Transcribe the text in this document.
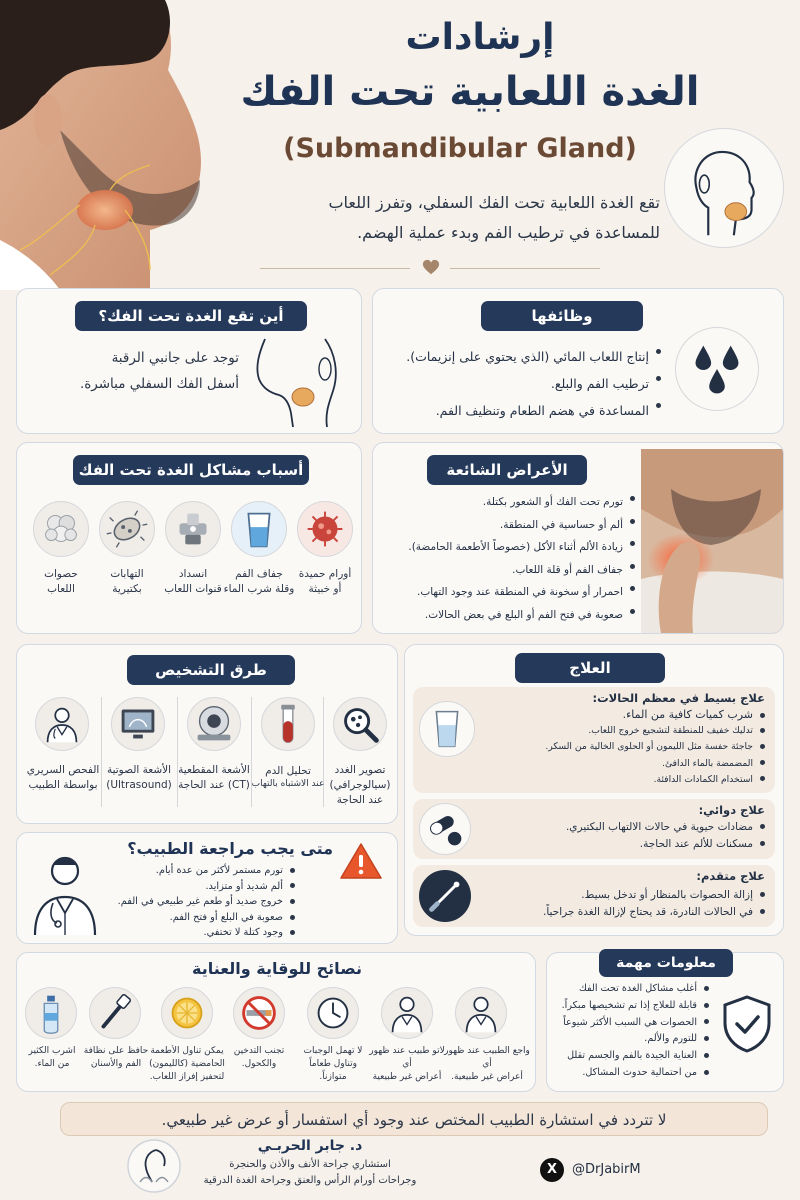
إرشادات
الغدة اللعابية تحت الفك
(Submandibular Gland)
تقع الغدة اللعابية تحت الفك السفلي، وتفرز اللعاب
للمساعدة في ترطيب الفم وبدء عملية الهضم.
أين تقع الغدة تحت الفك؟
توجد على جانبي الرقبة
أسفل الفك السفلي مباشرة.
وظائفها
إنتاج اللعاب المائي (الذي يحتوي على إنزيمات).
ترطيب الفم والبلع.
المساعدة في هضم الطعام وتنظيف الفم.
أسباب مشاكل الغدة تحت الفك
أورام حميدة
أو خبيثة
جفاف الفم
وقلة شرب الماء
انسداد
قنوات اللعاب
التهابات
بكتيرية
حصوات
اللعاب
الأعراض الشائعة
تورم تحت الفك أو الشعور بكتلة.
ألم أو حساسية في المنطقة.
زيادة الألم أثناء الأكل (خصوصاً الأطعمة الحامضة).
جفاف الفم أو قلة اللعاب.
احمرار أو سخونة في المنطقة عند وجود التهاب.
صعوبة في فتح الفم أو البلع في بعض الحالات.
طرق التشخيص
تصوير الغدد
(سيالوجرافي)
عند الحاجة
تحليل الدم
عند الاشتباه بالتهاب
الأشعة المقطعية
(CT) عند الحاجة
الأشعة الصوتية
(Ultrasound)
الفحص السريري
بواسطة الطبيب
العلاج
علاج بسيط في معظم الحالات:
شرب كميات كافية من الماء.
تدليك خفيف للمنطقة لتشجيع خروج اللعاب.
جاجئة حفسة مثل الليمون أو الحلوى الخالية من السكر.
المضمضة بالماء الدافئ.
استخدام الكمادات الدافئة.
علاج دوائي:
مضادات حيوية في حالات الالتهاب البكتيري.
مسكنات للألم عند الحاجة.
علاج متقدم:
إزالة الحصوات بالمنظار أو تدخل بسيط.
في الحالات النادرة، قد يحتاج لإزالة الغدة جراحياً.
متى يجب مراجعة الطبيب؟
تورم مستمر لأكثر من عدة أيام.
ألم شديد أو متزايد.
خروج صديد أو طعم غير طبيعي في الفم.
صعوبة في البلع أو فتح الفم.
وجود كتلة لا تختفي.
نصائح للوقاية والعناية
واجع الطبيب عند ظهور أي
أعراض غير طبيعية.
لاتو طبيب عند ظهور أي
أعراض غير طبيعية
لا تهمل الوجبات
وتناول طعاماً
متوازناً.
تجنب التدخين
والكحول.
يمكن تناول الأطعمة
الحامضية (كالليمون)
لتحفيز إفراز اللعاب.
حافظ على نظافة
الفم والأسنان
اشرب الكثير
من الماء.
معلومات مهمة
أغلب مشاكل الغدة تحت الفك
قابلة للعلاج إذا تم تشخيصها مبكراً.
الحصوات هي السبب الأكثر شيوعاً
للتورم والألم.
العناية الجيدة بالفم والجسم تقلل
من احتمالية حدوث المشاكل.
لا تتردد في استشارة الطبيب المختص عند وجود أي استفسار أو عرض غير طبيعي.
د. جابر الحربـي
استشاري جراحة الأنف والأذن والحنجرة
وجراحات أورام الرأس والعنق وجراحة الغدة الدرقية
X	@DrJabirM
